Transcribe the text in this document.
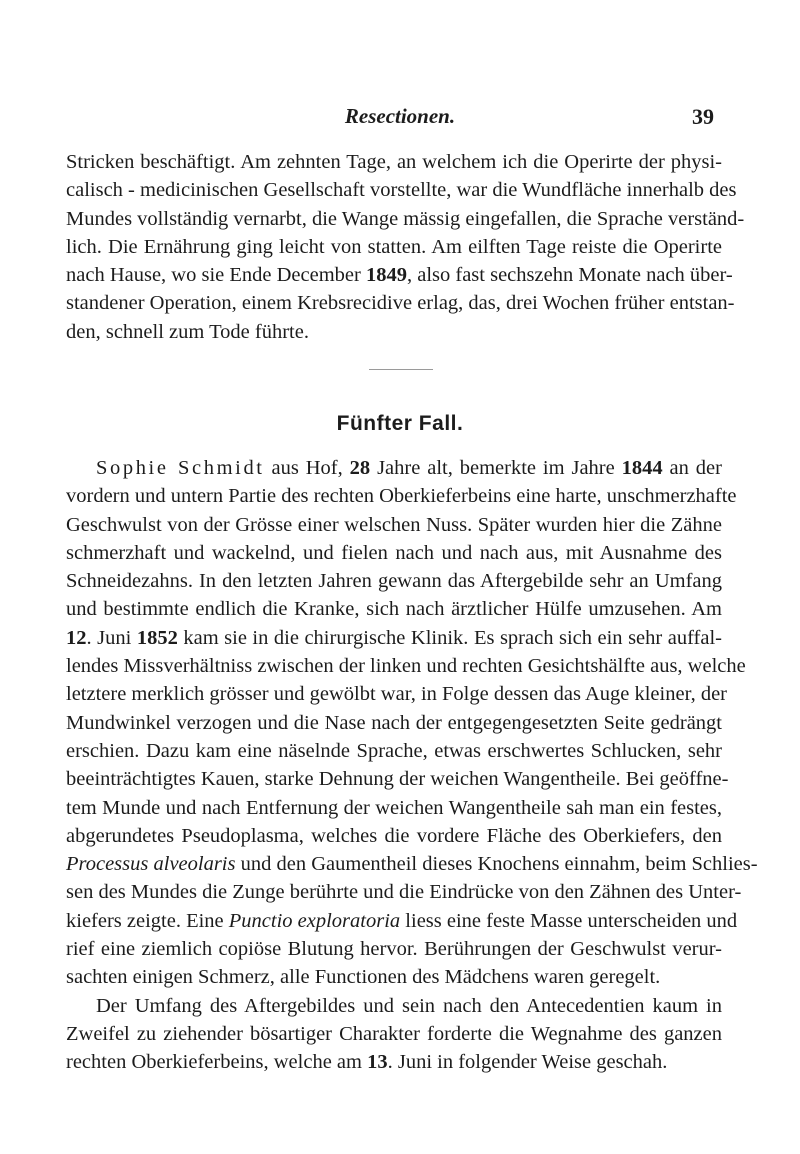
Resectionen.	39
Stricken beschäftigt. Am zehnten Tage, an welchem ich die Operirte der physi-
calisch - medicinischen Gesellschaft vorstellte, war die Wundfläche innerhalb des
Mundes vollständig vernarbt, die Wange mässig eingefallen, die Sprache verständ-
lich. Die Ernährung ging leicht von statten. Am eilften Tage reiste die Operirte
nach Hause, wo sie Ende December 1849, also fast sechszehn Monate nach über-
standener Operation, einem Krebsrecidive erlag, das, drei Wochen früher entstan-
den, schnell zum Tode führte.
Fünfter Fall.
Sophie Schmidt aus Hof, 28 Jahre alt, bemerkte im Jahre 1844 an der
vordern und untern Partie des rechten Oberkieferbeins eine harte, unschmerzhafte
Geschwulst von der Grösse einer welschen Nuss. Später wurden hier die Zähne
schmerzhaft und wackelnd, und fielen nach und nach aus, mit Ausnahme des
Schneidezahns. In den letzten Jahren gewann das Aftergebilde sehr an Umfang
und bestimmte endlich die Kranke, sich nach ärztlicher Hülfe umzusehen. Am
12. Juni 1852 kam sie in die chirurgische Klinik. Es sprach sich ein sehr auffal-
lendes Missverhältniss zwischen der linken und rechten Gesichtshälfte aus, welche
letztere merklich grösser und gewölbt war, in Folge dessen das Auge kleiner, der
Mundwinkel verzogen und die Nase nach der entgegengesetzten Seite gedrängt
erschien. Dazu kam eine näselnde Sprache, etwas erschwertes Schlucken, sehr
beeinträchtigtes Kauen, starke Dehnung der weichen Wangentheile. Bei geöffne-
tem Munde und nach Entfernung der weichen Wangentheile sah man ein festes,
abgerundetes Pseudoplasma, welches die vordere Fläche des Oberkiefers, den
Processus alveolaris und den Gaumentheil dieses Knochens einnahm, beim Schlies-
sen des Mundes die Zunge berührte und die Eindrücke von den Zähnen des Unter-
kiefers zeigte. Eine Punctio exploratoria liess eine feste Masse unterscheiden und
rief eine ziemlich copiöse Blutung hervor. Berührungen der Geschwulst verur-
sachten einigen Schmerz, alle Functionen des Mädchens waren geregelt.
Der Umfang des Aftergebildes und sein nach den Antecedentien kaum in
Zweifel zu ziehender bösartiger Charakter forderte die Wegnahme des ganzen
rechten Oberkieferbeins, welche am 13. Juni in folgender Weise geschah.
